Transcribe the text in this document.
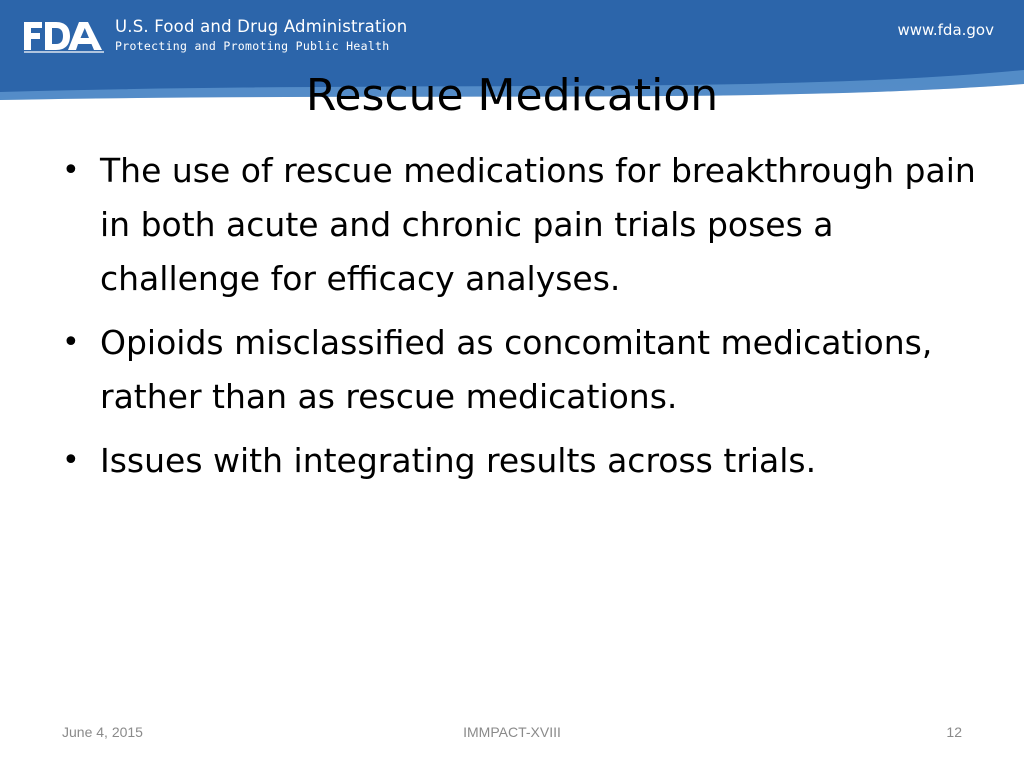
U.S. Food and Drug Administration
Protecting and Promoting Public Health
www.fda.gov
Rescue Medication
• The use of rescue medications for breakthrough pain in both acute and chronic pain trials poses a challenge for efficacy analyses.
• Opioids misclassified as concomitant medications, rather than as rescue medications.
• Issues with integrating results across trials.
June 4, 2015	IMMPACT-XVIII	12
